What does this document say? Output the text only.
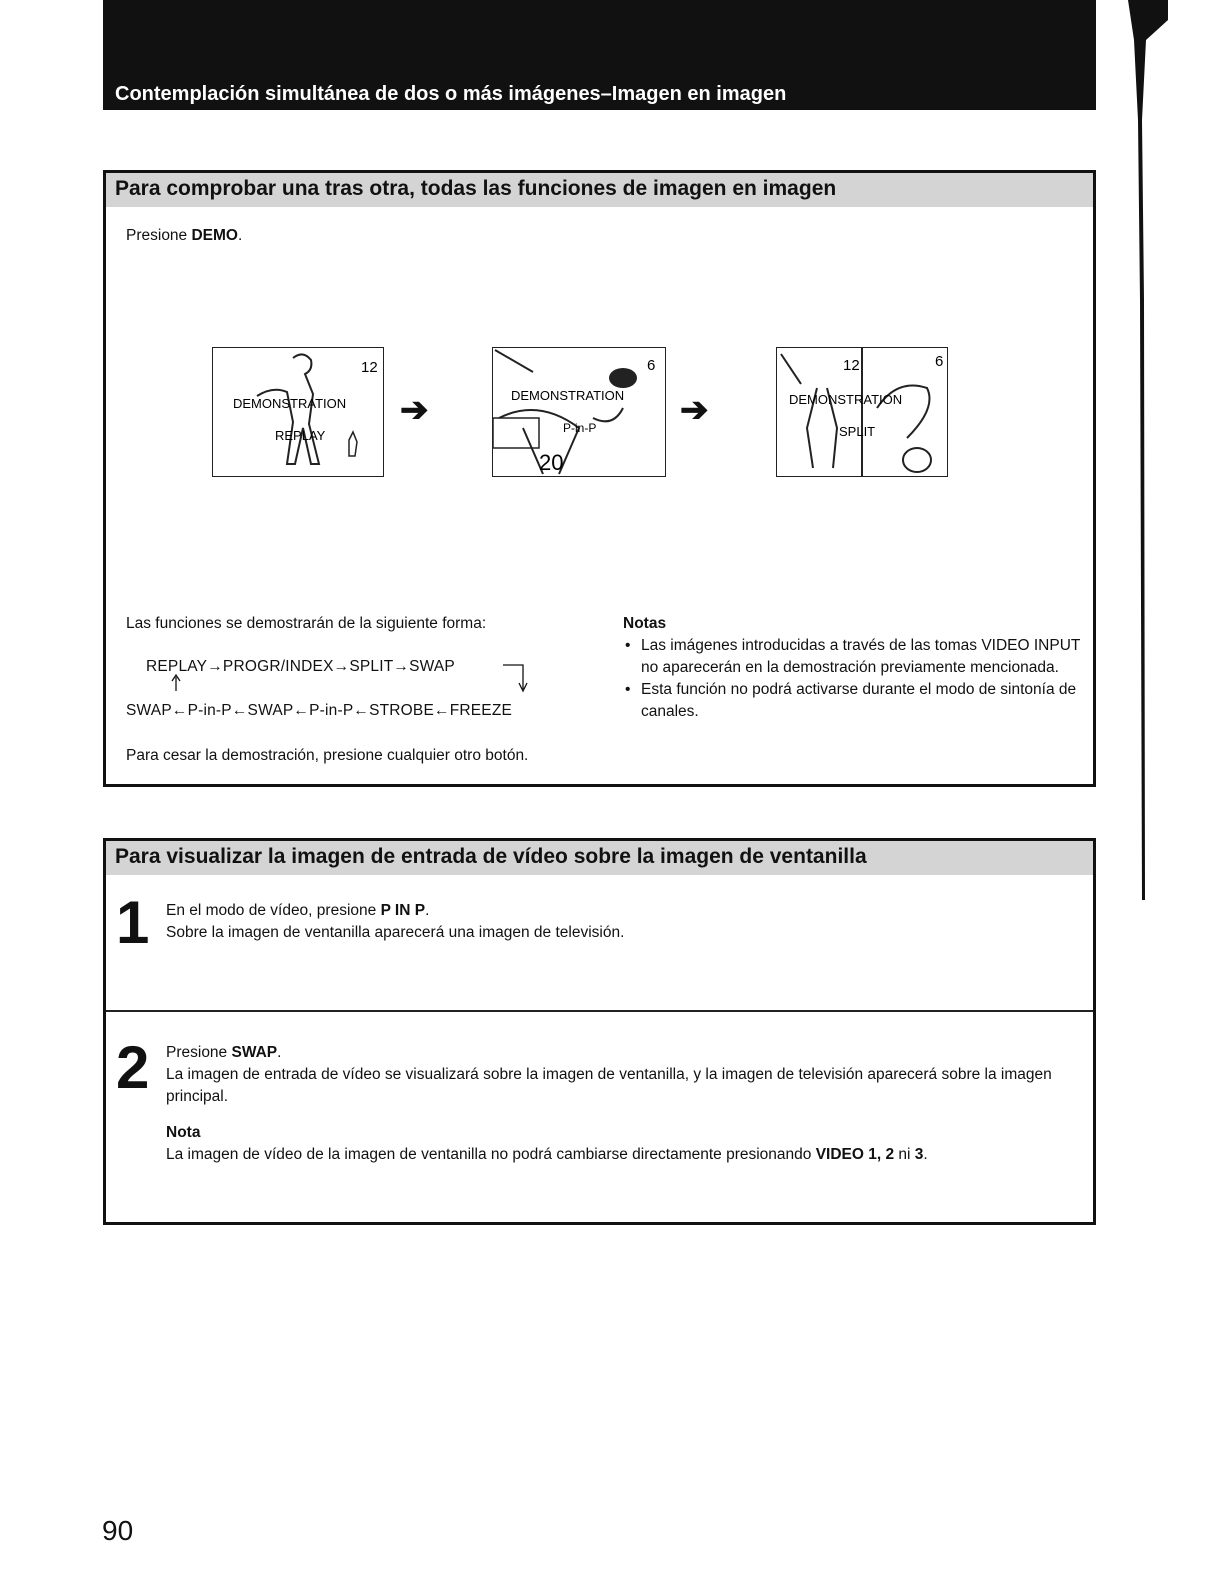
Contemplación simultánea de dos o más imágenes–Imagen en imagen
Para comprobar una tras otra, todas las funciones de imagen en imagen
Presione DEMO.
12
DEMONSTRATION
REPLAY
➔
6
DEMONSTRATION
P-in-P
20
➔
12	6
DEMONSTRATION
SPLIT
Las funciones se demostrarán de la siguiente forma:
REPLAY→PROGR/INDEX→SPLIT→SWAP
SWAP←P-in-P←SWAP←P-in-P←STROBE←FREEZE
Para cesar la demostración, presione cualquier otro botón.
Notas
• Las imágenes introducidas a través de las tomas VIDEO INPUT no aparecerán en la demostración previamente mencionada.
• Esta función no podrá activarse durante el modo de sintonía de canales.
Para visualizar la imagen de entrada de vídeo sobre la imagen de ventanilla
1 En el modo de vídeo, presione P IN P.
Sobre la imagen de ventanilla aparecerá una imagen de televisión.
2 Presione SWAP.
La imagen de entrada de vídeo se visualizará sobre la imagen de ventanilla, y la imagen de televisión aparecerá sobre la imagen principal.
Nota
La imagen de vídeo de la imagen de ventanilla no podrá cambiarse directamente presionando VIDEO 1, 2 ni 3.
90
